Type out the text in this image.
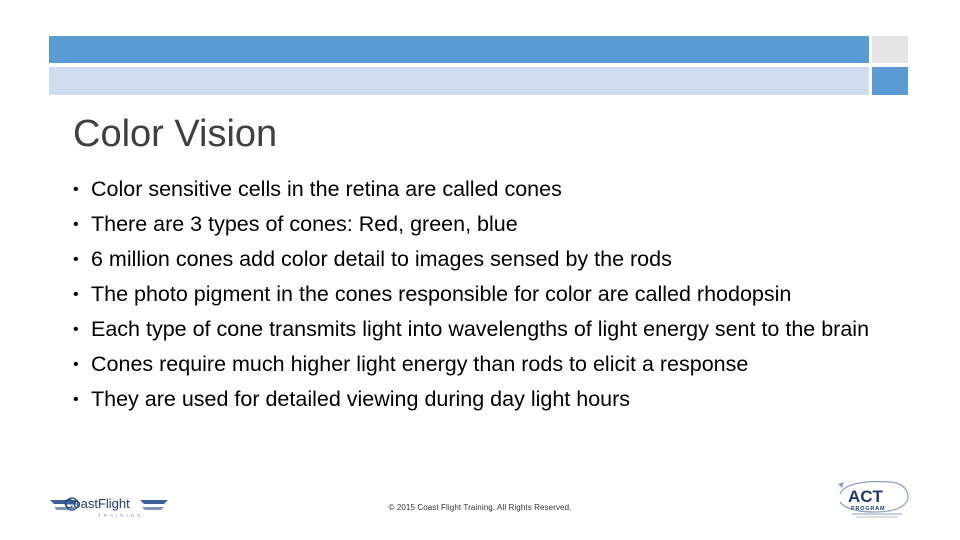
Color Vision
• Color sensitive cells in the retina are called cones
• There are 3 types of cones: Red, green, blue
• 6 million cones add color detail to images sensed by the rods
• The photo pigment in the cones responsible for color are called rhodopsin
• Each type of cone transmits light into wavelengths of light energy sent to the brain
• Cones require much higher light energy than rods to elicit a response
• They are used for detailed viewing during day light hours
CoastFlight
TRAINING
© 2015 Coast Flight Training. All Rights Reserved.
ACT
PROGRAM
